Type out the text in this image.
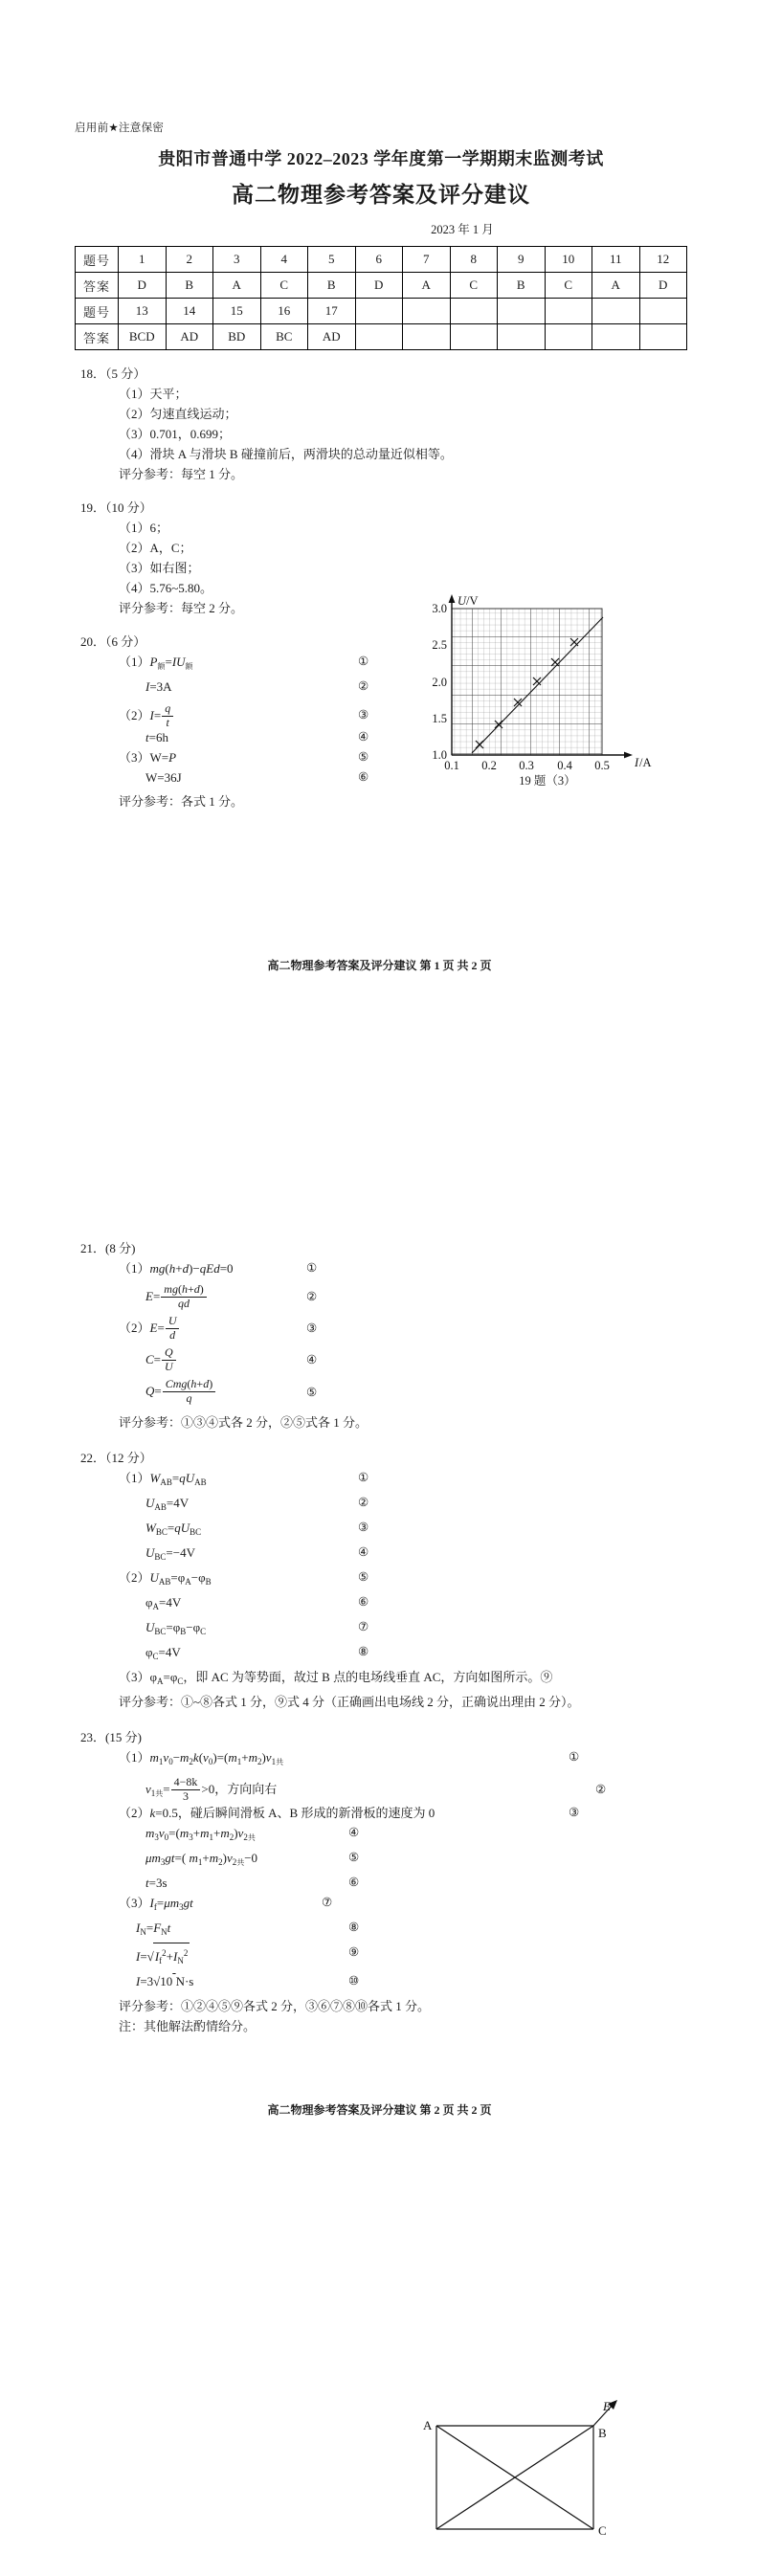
启用前★注意保密
贵阳市普通中学 2022–2023 学年度第一学期期末监测考试
高二物理参考答案及评分建议
2023 年 1 月
题号	1	2	3	4	5	6	7	8	9	10	11	12
答案	D	B	A	C	B	D	A	C	B	C	A	D
题号	13	14	15	16	17							
答案	BCD	AD	BD	BC	AD							
18．（5 分）
（1）天平；
（2）匀速直线运动；
（3）0.701，0.699；
（4）滑块 A 与滑块 B 碰撞前后，两滑块的总动量近似相等。
评分参考：每空 1 分。
19．（10 分）
（1）6；
（2）A，C；
（3）如右图；
（4）5.76~5.80。
评分参考：每空 2 分。
20．（6 分）
$(1)P_额=IU_额$	①
I=3A	②
$(2)I= \frac{q}{t}$	③
t=6h	④
（3）W=P	⑤
W=36J	⑥
评分参考：各式 1 分。
3.0
2.5
2.0
1.5
1.0
0.1 0.2 0.3 0.4 0.5
U /V
I /A
19 题（3）
高二物理参考答案及评分建议 第 1 页 共 2 页
21．(8 分)
（1）mg(h+d)−qEd=0	①
$E= \frac{mg(h+d)}{qd}$	②
$(2)E= \frac{U}{d}$	③
$C= \frac{Q}{U}$	④
$Q= \frac{\text{Cmg(h+d)}}{q}$	⑤
评分参考：①③④式各 2 分，②⑤式各 1 分。
22．（12 分）
$(1)W_{AB}=qU_{AB}$	①
$U_{AB}=4V$	②
$W_{BC}=qU_{BC}$	③
$U_{BC}=-4V$	④
$(2)U_{AB}=\varphi_A-\varphi_B$	⑤
$\varphi_A=4V$	⑥
$U_{BC}=\varphi_B-\varphi_C$	⑦
$\varphi_C=4V$	⑧
$(3)\varphi_A=\varphi_C$，即 AC 为等势面，故过 B 点的电场线垂直 AC，方向如图所示。⑨
评分参考：①~⑧各式 1 分，⑨式 4 分（正确画出电场线 2 分，正确说出理由 2 分）。
23．(15 分)
$(1)m_1v_0-m_2k(v_0)=(m_1+m_2)v_{1共}$	①
$v_{1共}= \frac{4-8k}{3} >0$，方向向右	②
（2）k=0.5，碰后瞬间滑板 A、B 形成的新滑板的速度为 0	③
$m_3v_0=(m_3+m_1+m_2)v_{2共}$	④
$\mu m_3gt=$( $m_1+m_2)v_{2共}-0$	⑤
t=3s	⑥
$(3)I_f=\mu m_3gt$	⑦
$I_N=F_Nt$	⑧
$I=√I_f^2+I_N^2$	⑨
I=3√10 N·s	⑩
评分参考：①②④⑤⑨各式 2 分，③⑥⑦⑧⑩各式 1 分。
注：其他解法酌情给分。
A
B
C
E
高二物理参考答案及评分建议 第 2 页 共 2 页
